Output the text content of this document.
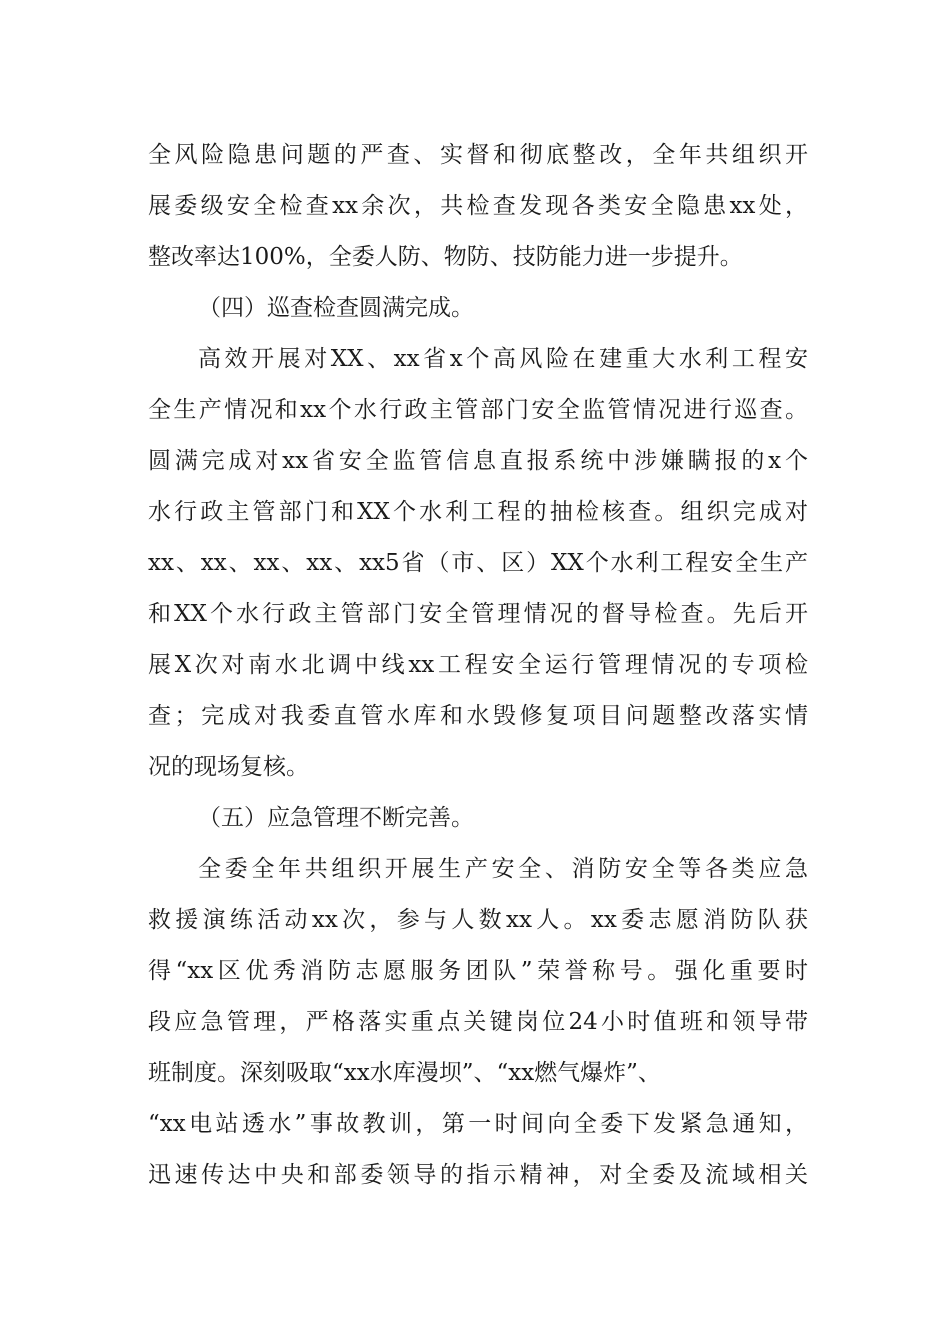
全风险隐患问题的严查、实督和彻底整改，全年共组织开
展委级安全检查xx余次，共检查发现各类安全隐患xx处，
整改率达100%，全委人防、物防、技防能力进一步提升。
（四）巡查检查圆满完成。
高效开展对XX、xx省x个高风险在建重大水利工程安
全生产情况和xx个水行政主管部门安全监管情况进行巡查。
圆满完成对xx省安全监管信息直报系统中涉嫌瞒报的x个
水行政主管部门和XX个水利工程的抽检核查。组织完成对
xx、xx、xx、xx、xx5省（市、区）XX个水利工程安全生产
和XX个水行政主管部门安全管理情况的督导检查。先后开
展X次对南水北调中线xx工程安全运行管理情况的专项检
查；完成对我委直管水库和水毁修复项目问题整改落实情
况的现场复核。
（五）应急管理不断完善。
全委全年共组织开展生产安全、消防安全等各类应急
救援演练活动xx次，参与人数xx人。xx委志愿消防队获
得“xx区优秀消防志愿服务团队”荣誉称号。强化重要时
段应急管理，严格落实重点关键岗位24小时值班和领导带
班制度。深刻吸取“xx水库漫坝”、“xx燃气爆炸”、
“xx电站透水”事故教训，第一时间向全委下发紧急通知，
迅速传达中央和部委领导的指示精神，对全委及流域相关
